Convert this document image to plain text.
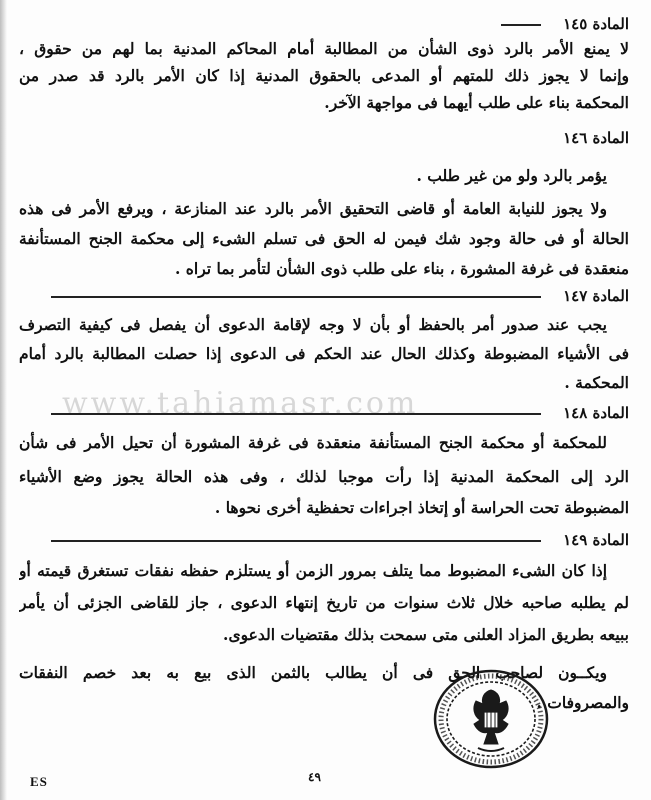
المادة ١٤٥
لا يمنع الأمر بالرد ذوى الشأن من المطالبة أمام المحاكم المدنية بما لهم من حقوق ،
وإنما لا يجوز ذلك للمتهم أو المدعى بالحقوق المدنية إذا كان الأمر بالرد قد صدر من
المحكمة بناء على طلب أيهما فى مواجهة الآخر.
المادة ١٤٦
يؤمر بالرد ولو من غير طلب .
ولا يجوز للنيابة العامة أو قاضى التحقيق الأمر بالرد عند المنازعة ، ويرفع الأمر فى هذه
الحالة أو فى حالة وجود شك فيمن له الحق فى تسلم الشىء إلى محكمة الجنح المستأنفة
منعقدة فى غرفة المشورة ، بناء على طلب ذوى الشأن لتأمر بما تراه .
المادة ١٤٧
يجب عند صدور أمر بالحفظ أو بأن لا وجه لإقامة الدعوى أن يفصل فى كيفية التصرف
فى الأشياء المضبوطة وكذلك الحال عند الحكم فى الدعوى إذا حصلت المطالبة بالرد أمام
المحكمة .
www.tahiamasr.com	المادة ١٤٨
للمحكمة أو محكمة الجنح المستأنفة منعقدة فى غرفة المشورة أن تحيل الأمر فى شأن
الرد إلى المحكمة المدنية إذا رأت موجبا لذلك ، وفى هذه الحالة يجوز وضع الأشياء
المضبوطة تحت الحراسة أو إتخاذ اجراءات تحفظية أخرى نحوها .
المادة ١٤٩
إذا كان الشىء المضبوط مما يتلف بمرور الزمن أو يستلزم حفظه نفقات تستغرق قيمته أو
لم يطلبه صاحبه خلال ثلاث سنوات من تاريخ إنتهاء الدعوى ، جاز للقاضى الجزئى أن يأمر
ببيعه بطريق المزاد العلنى متى سمحت بذلك مقتضيات الدعوى.
ويكــون لصاحب الحق فى أن يطالب بالثمن الذى بيع به بعد خصم النفقات
والمصروفات .
ES	٤٩
